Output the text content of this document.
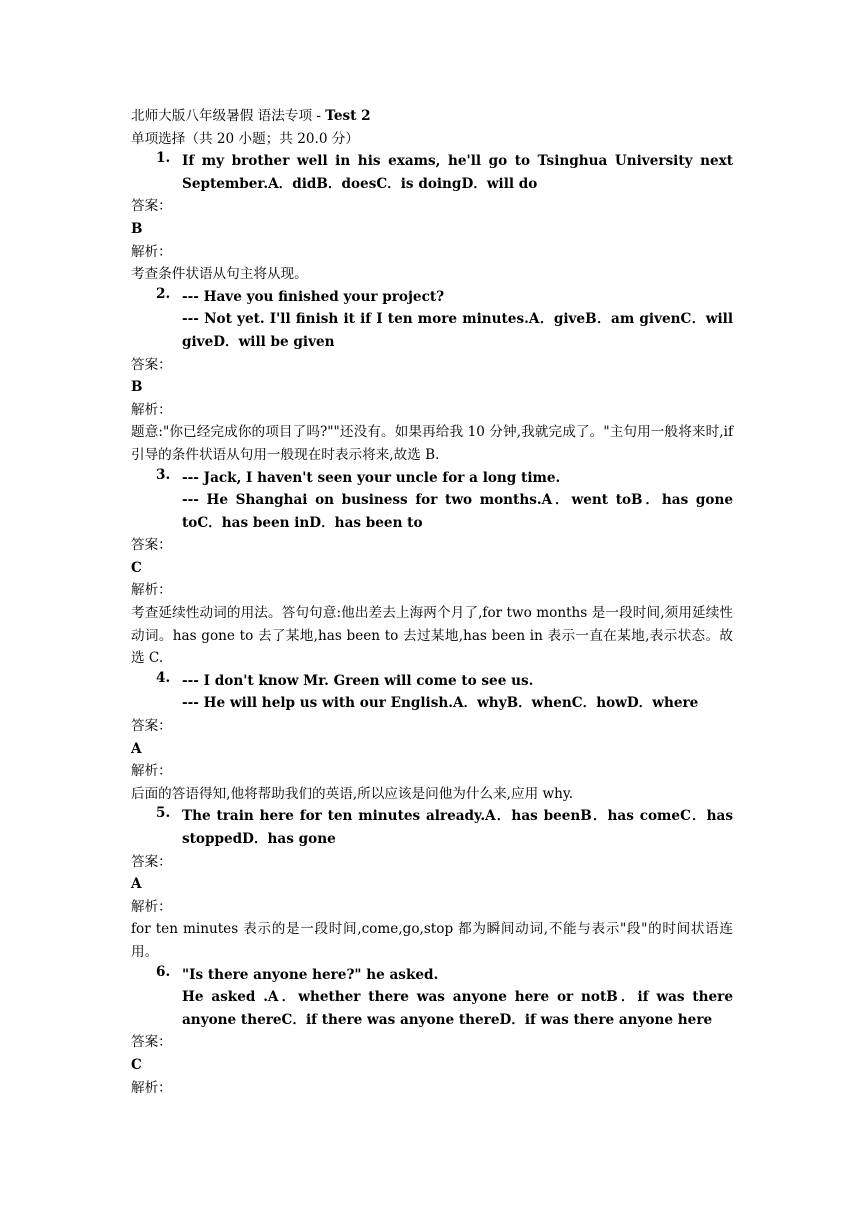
北师大版八年级暑假 语法专项 - Test 2
单项选择（共 20 小题；共 20.0 分）
1. If my brother well in his exams, he'll go to Tsinghua University next September.A．didB．doesC．is doingD．will do
答案：
B
解析：
考查条件状语从句主将从现。
2. --- Have you finished your project?
--- Not yet. I'll finish it if I ten more minutes.A．giveB．am givenC．will giveD．will be given
答案：
B
解析：
题意:"你已经完成你的项目了吗?""还没有。如果再给我 10 分钟,我就完成了。"主句用一般将来时,if 引导的条件状语从句用一般现在时表示将来,故选 B.
3. --- Jack, I haven't seen your uncle for a long time.
--- He Shanghai on business for two months.A．went toB．has gone toC．has been inD．has been to
答案：
C
解析：
考查延续性动词的用法。答句句意:他出差去上海两个月了,for two months 是一段时间,须用延续性动词。has gone to 去了某地,has been to 去过某地,has been in 表示一直在某地,表示状态。故选 C.
4. --- I don't know Mr. Green will come to see us.
--- He will help us with our English.A．whyB．whenC．howD．where
答案：
A
解析：
后面的答语得知,他将帮助我们的英语,所以应该是问他为什么来,应用 why.
5. The train here for ten minutes already.A．has beenB．has comeC．has stoppedD．has gone
答案：
A
解析：
for ten minutes 表示的是一段时间,come,go,stop 都为瞬间动词,不能与表示"段"的时间状语连用。
6. "Is there anyone here?" he asked.
He asked .A．whether there was anyone here or notB．if was there anyone thereC．if there was anyone thereD．if was there anyone here
答案：
C
解析：
